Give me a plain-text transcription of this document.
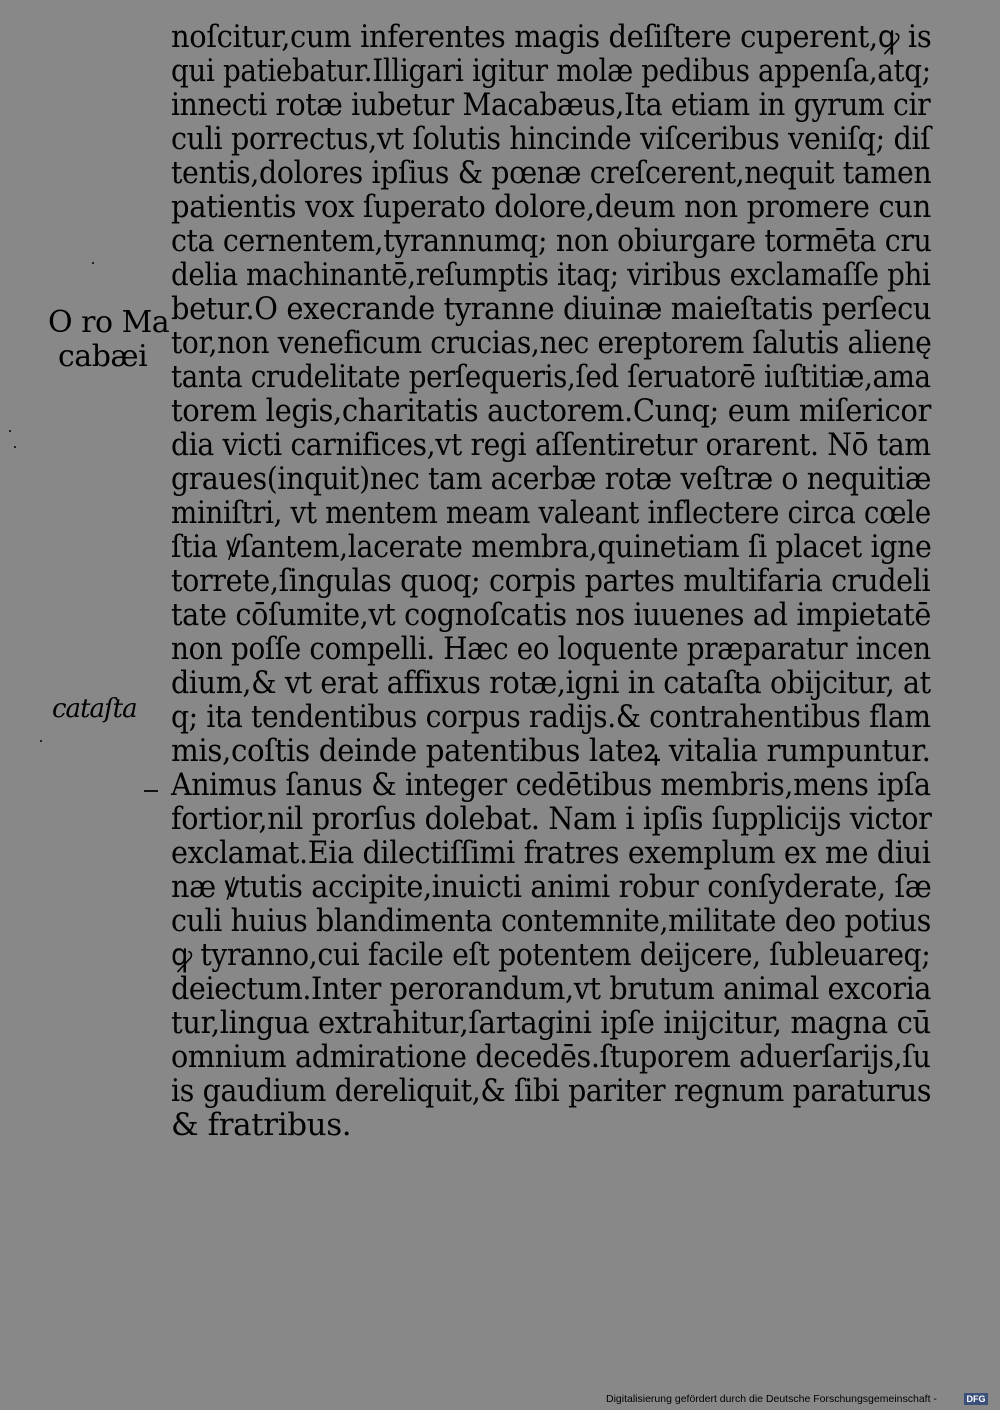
noſcitur,cum inferentes magis deſiſtere cuperent,ꝙ is
qui patiebatur.Illigari igitur molæ pedibus appenſa,atq;
innecti rotæ iubetur Macabæus,Ita etiam in gyrum cir
culi porrectus,vt ſolutis hincinde viſceribus veniſq; diſ
tentis,dolores ipſius & pœnæ creſcerent,nequit tamen
patientis vox ſuperato dolore,deum non promere cun
cta cernentem,tyrannumq; non obiurgare tormēta cru
delia machinantē,reſumptis itaq; viribus exclamaſſe phi
betur.O execrande tyranne diuinæ maieſtatis perſecu
tor,non veneficum crucias,nec ereptorem ſalutis alienę
tanta crudelitate perſequeris,ſed ſeruatorē iuſtitiæ,ama
torem legis,charitatis auctorem.Cunq; eum miſericor
dia victi carnifices,vt regi aſſentiretur orarent. Nō tam
graues(inquit)nec tam acerbæ rotæ veſtræ o nequitiæ
miniſtri, vt mentem meam valeant inflectere circa cœle
ſtia ꝟſantem,lacerate membra,quinetiam ſi placet igne
torrete,ſingulas quoq; corpis partes multifaria crudeli
tate cōſumite,vt cognoſcatis nos iuuenes ad impietatē
non poſſe compelli. Hæc eo loquente præparatur incen
dium,& vt erat affixus rotæ,igni in cataſta obijcitur, at
q; ita tendentibus corpus radijs.& contrahentibus flam
mis,coſtis deinde patentibus lateꝝ vitalia rumpuntur.
Animus ſanus & integer cedētibus membris,mens ipſa
fortior,nil prorſus dolebat. Nam i ipſis ſupplicijs victor
exclamat.Eia dilectiſſimi fratres exemplum ex me diui
næ ꝟtutis accipite,inuicti animi robur conſyderate, ſæ
culi huius blandimenta contemnite,militate deo potius
ꝙ tyranno,cui facile eſt potentem deijcere, ſubleuareq;
deiectum.Inter perorandum,vt brutum animal excoria
tur,lingua extrahitur,ſartagini ipſe inijcitur, magna cū
omnium admiratione decedēs.ſtuporem aduerſarijs,ſu
is gaudium dereliquit,& ſibi pariter regnum paraturus
& fratribus.
O ro Ma
cabæi
cataſta
Digitalisierung gefördert durch die Deutsche Forschungsgemeinschaft -	DFG
